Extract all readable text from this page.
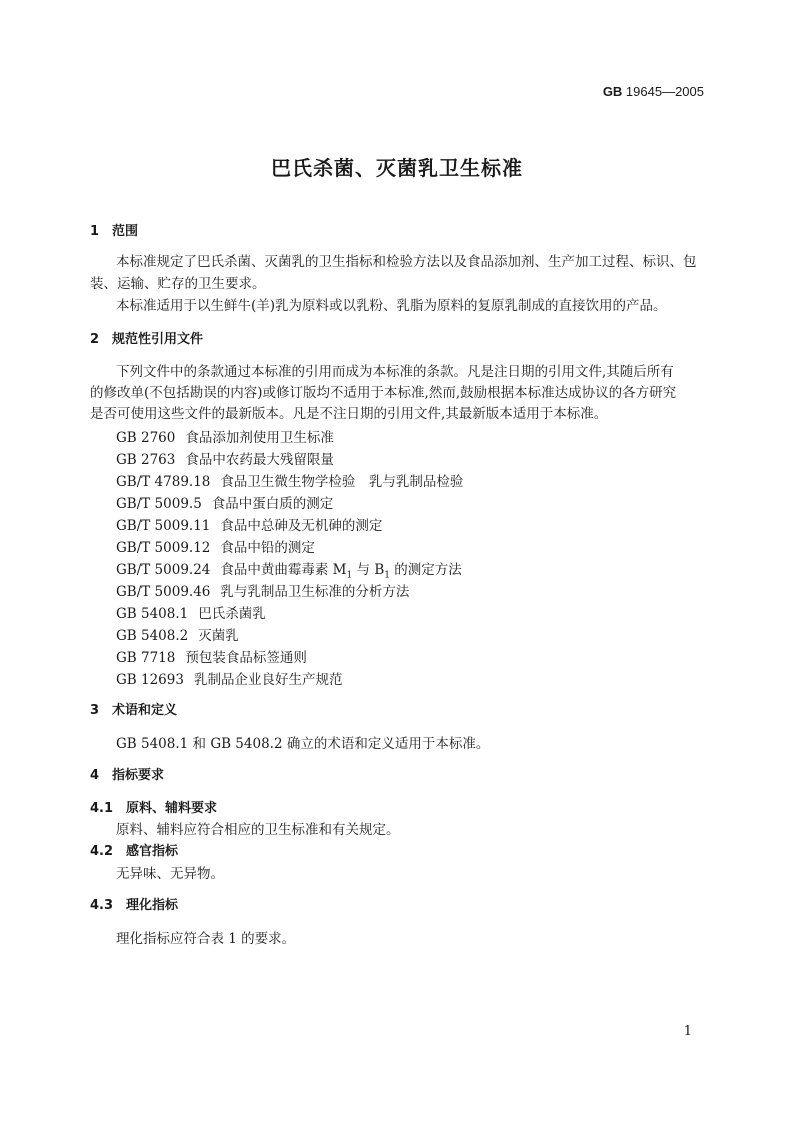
GB 19645—2005
巴氏杀菌、灭菌乳卫生标准
1 范围
本标准规定了巴氏杀菌、灭菌乳的卫生指标和检验方法以及食品添加剂、生产加工过程、标识、包
装、运输、贮存的卫生要求。
本标准适用于以生鲜牛(羊)乳为原料或以乳粉、乳脂为原料的复原乳制成的直接饮用的产品。
2 规范性引用文件
下列文件中的条款通过本标准的引用而成为本标准的条款。凡是注日期的引用文件,其随后所有
的修改单(不包括勘误的内容)或修订版均不适用于本标准,然而,鼓励根据本标准达成协议的各方研究
是否可使用这些文件的最新版本。凡是不注日期的引用文件,其最新版本适用于本标准。
GB 2760 食品添加剂使用卫生标准
GB 2763 食品中农药最大残留限量
GB/T 4789.18 食品卫生微生物学检验　乳与乳制品检验
GB/T 5009.5 食品中蛋白质的测定
GB/T 5009.11 食品中总砷及无机砷的测定
GB/T 5009.12 食品中铅的测定
GB/T 5009.24 食品中黄曲霉毒素 $M_1$ 与 $B_1$ 的测定方法
GB/T 5009.46 乳与乳制品卫生标准的分析方法
GB 5408.1 巴氏杀菌乳
GB 5408.2 灭菌乳
GB 7718 预包装食品标签通则
GB 12693 乳制品企业良好生产规范
3 术语和定义
GB 5408.1 和 GB 5408.2 确立的术语和定义适用于本标准。
4 指标要求
4.1 原料、辅料要求
原料、辅料应符合相应的卫生标准和有关规定。
4.2 感官指标
无异味、无异物。
4.3 理化指标
理化指标应符合表 1 的要求。
1
